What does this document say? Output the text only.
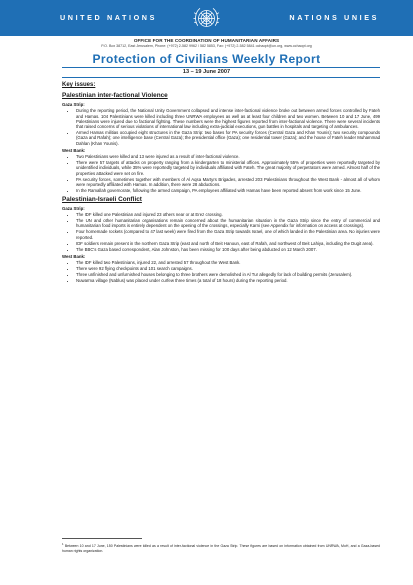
UNITED NATIONS	NATIONS UNIES
OFFICE FOR THE COORDINATION OF HUMANITARIAN AFFAIRS
P.O. Box 38712, East Jerusalem, Phone: (+972) 2-582 9962 / 582 5853, Fax: (+972) 2-582 5841 ochaopt@un.org, www.ochaopt.org
Protection of Civilians Weekly Report
13 – 19 June 2007
Key issues:
Palestinian inter-factional Violence
Gaza Strip:
• During the reporting period, the National Unity Government collapsed and intense inter-factional violence broke out between armed forces controlled by Fateh and Hamas. 104 Palestinians were killed including three UNRWA employees as well as at least four children and two women. Between 10 and 17 June, 499 Palestinians were injured due to factional fighting. These numbers were the highest figures reported from inter-factional violence. There were several incidents that raised concerns of serious violations of international law including extra-judicial executions, gun battles in hospitals and targeting of ambulances.
• Armed Hamas militias occupied eight structures in the Gaza Strip: two bases for PA security forces (Central Gaza and Khan Younis); two security compounds (Gaza and Rafah); one intelligence base (Central Gaza); the presidential office (Gaza); one residential tower (Gaza); and the house of Fateh leader Muhammad Dahlan (Khan Younis).
West Bank:
• Two Palestinians were killed and 13 were injured as a result of inter-factional violence.
• There were 57 targets of attacks on property ranging from a kindergarten to ministerial offices. Approximately 55% of properties were reportedly targeted by unidentified individuals, while 35% were reportedly targeted by individuals affiliated with Fateh. The great majority of perpetrators were armed. Almost half of the properties attacked were set on fire.
• PA security forces, sometimes together with members of Al Aqsa Martyrs Brigades, arrested 203 Palestinians throughout the West Bank - almost all of whom were reportedly affiliated with Hamas. In addition, there were 28 abductions.
• In the Ramallah governorate, following the armed campaign, PA employees affiliated with Hamas have been reported absent from work since 15 June.
Palestinian-Israeli Conflict
Gaza Strip:
• The IDF killed one Palestinian and injured 23 others near or at Erez crossing.
• The UN and other humanitarian organisations remain concerned about the humanitarian situation in the Gaza Strip since the entry of commercial and humanitarian food imports is entirely dependent on the opening of the crossings, especially Karni (see Appendix for information on access at crossings).
• Four homemade rockets (compared to 47 last week) were fired from the Gaza Strip towards Israel, one of which landed in the Palestinian area. No injuries were reported.
• IDF soldiers remain present in the northern Gaza Strip (east and north of Beit Hanoun, east of Rafah, and northwest of Beit Lahiya, including the Dugit area).
• The BBC's Gaza based correspondent, Alan Johnston, has been missing for 100 days after being abducted on 12 March 2007.
West Bank:
• The IDF killed two Palestinians, injured 22, and arrested 57 throughout the West Bank.
• There were 92 flying checkpoints and 101 search campaigns.
• Three unfinished and unfurnished houses belonging to three brothers were demolished in Al Tur allegedly for lack of building permits (Jerusalem).
• Nuwarma village (Nablus) was placed under curfew three times (a total of 18 hours) during the reporting period.
$^1$ Between 10 and 17 June, 150 Palestinians were killed as a result of inter-factional violence in the Gaza Strip. These figures are based on information obtained from UNRWA, MoH, and a Gaza-based human rights organization.
